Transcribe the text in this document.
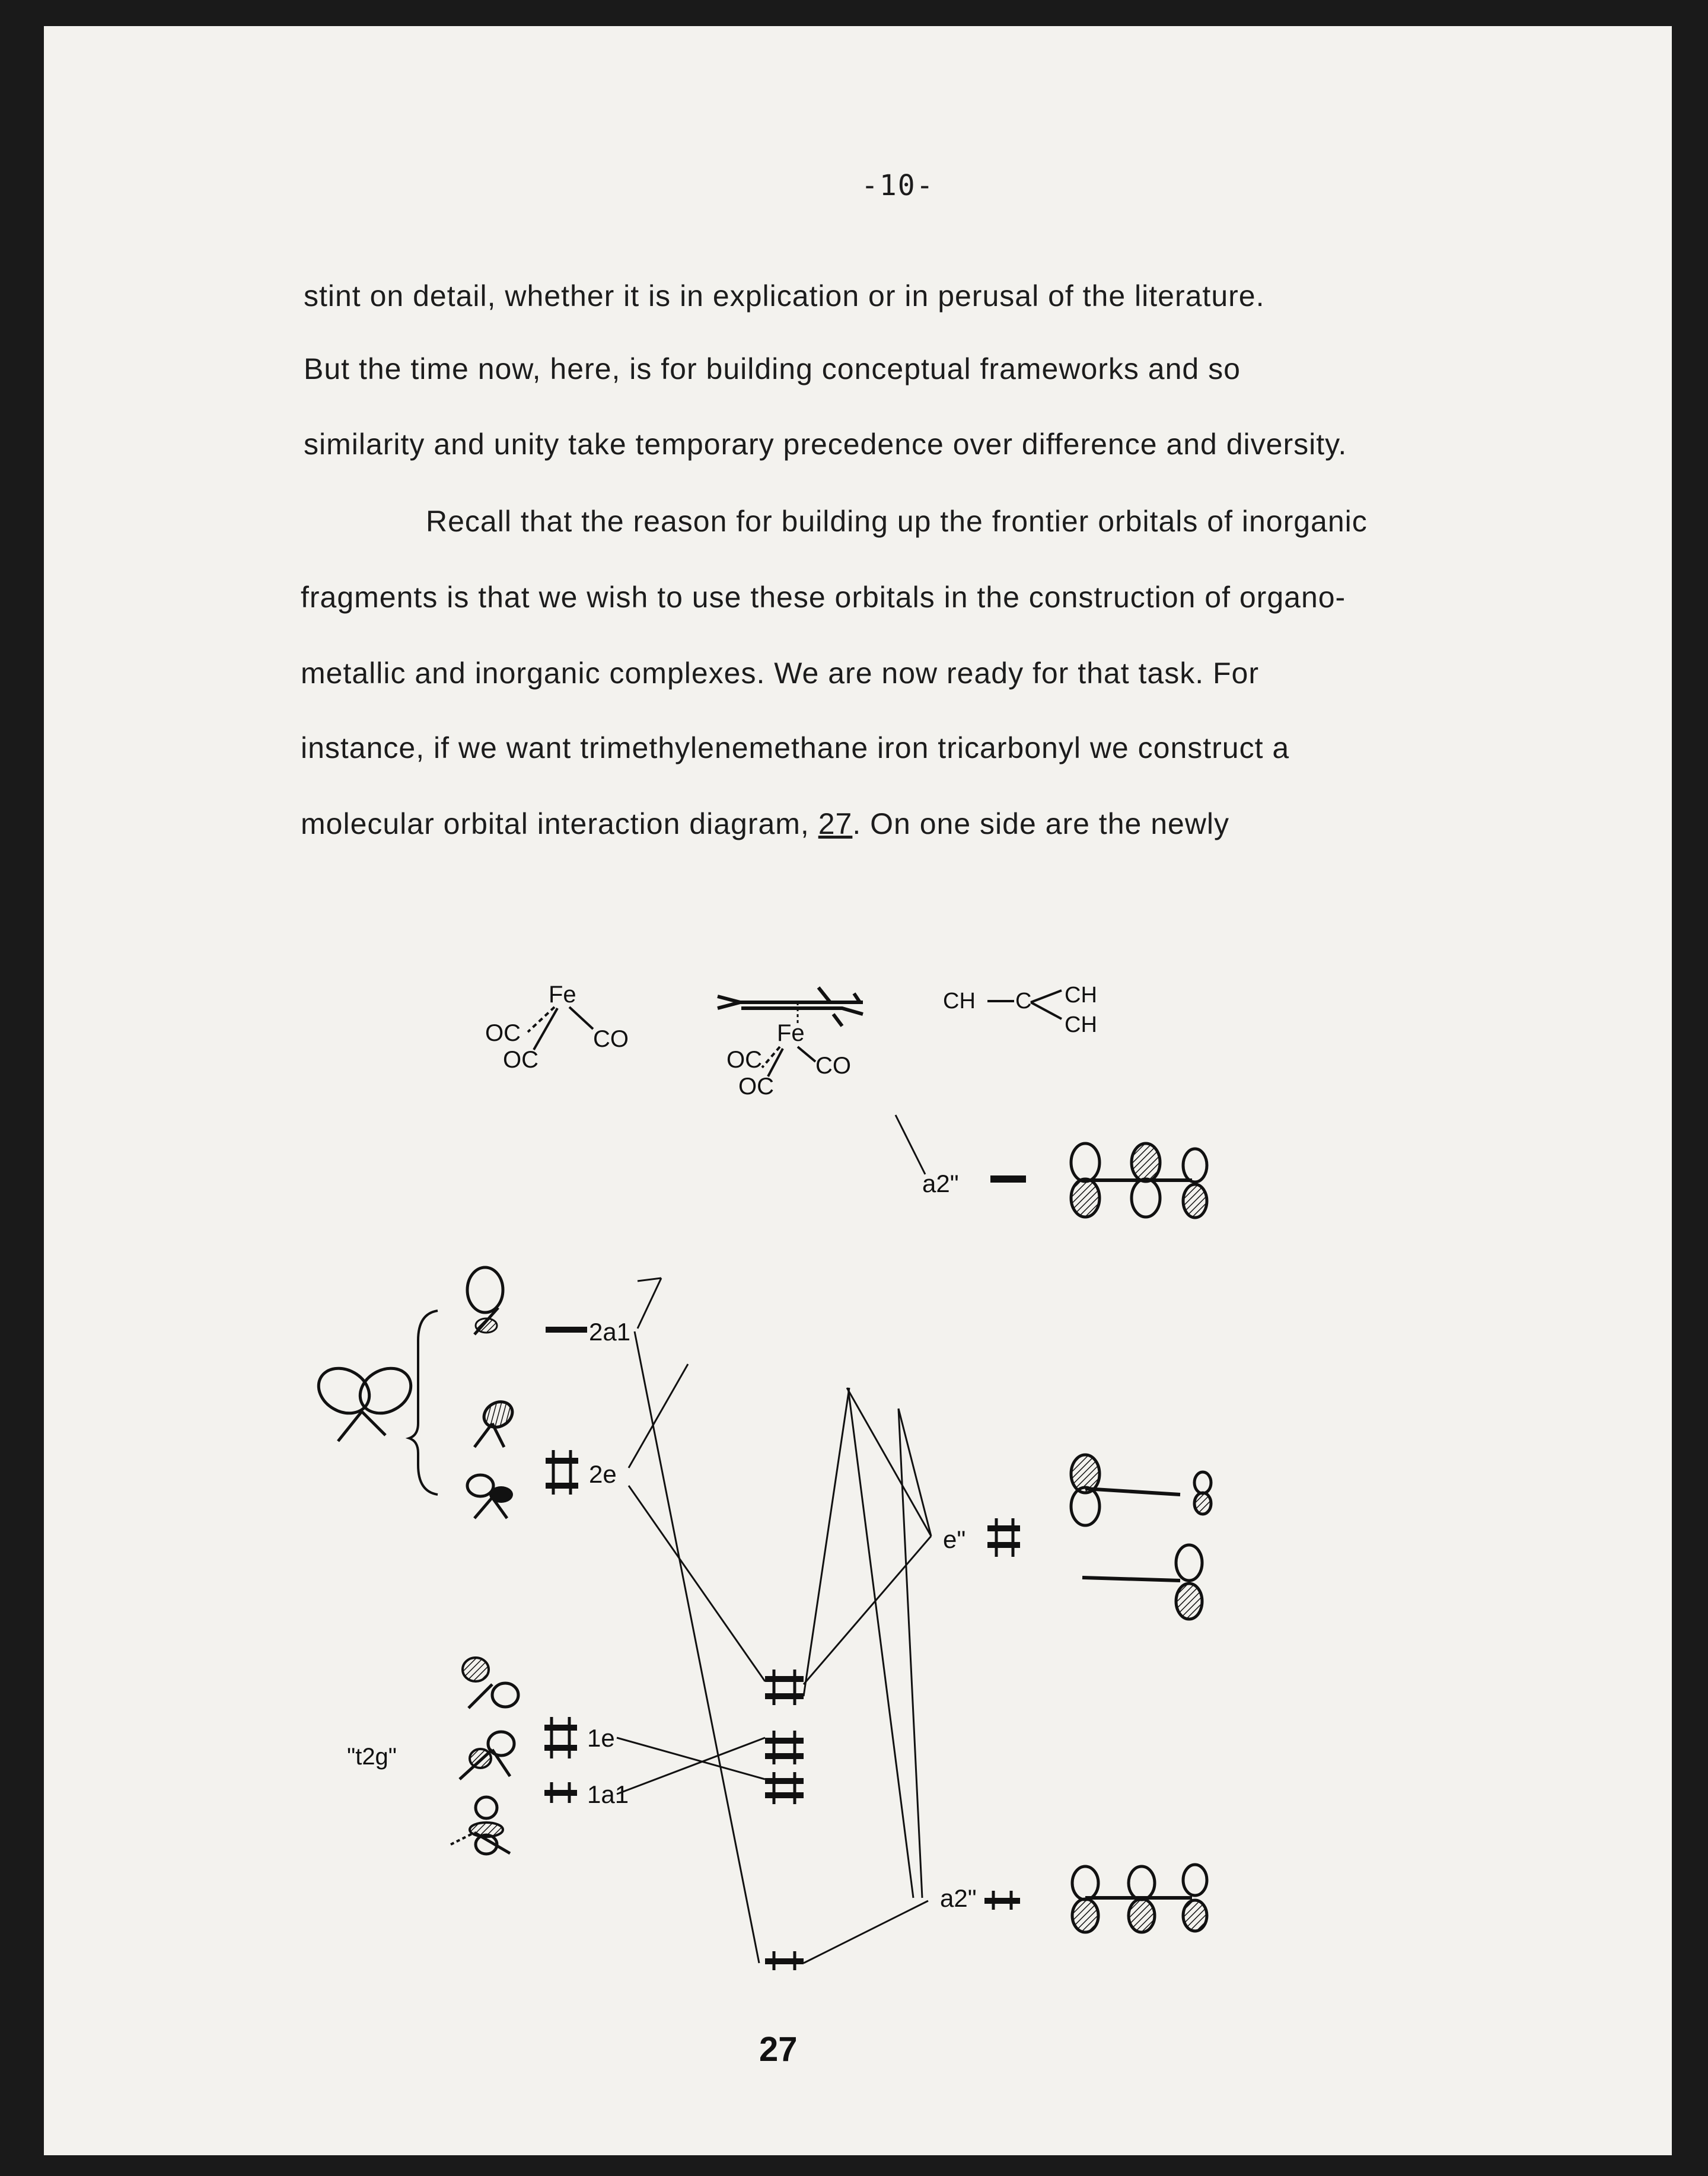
-10-
stint on detail, whether it is in explication or in perusal of the literature.
But the time now, here, is for building conceptual frameworks and so
similarity and unity take temporary precedence over difference and diversity.
Recall that the reason for building up the frontier orbitals of inorganic
fragments is that we wish to use these orbitals in the construction of organo-
metallic and inorganic complexes. We are now ready for that task. For
instance, if we want trimethylenemethane iron tricarbonyl we construct a
molecular orbital interaction diagram, 27. On one side are the newly
Fe
OC
OC
CO	Fe
OC
OC
CO
CH C CH
CH
2a1
2e
"t2g"
1e
1a1
a2"
e"
a2"
27
